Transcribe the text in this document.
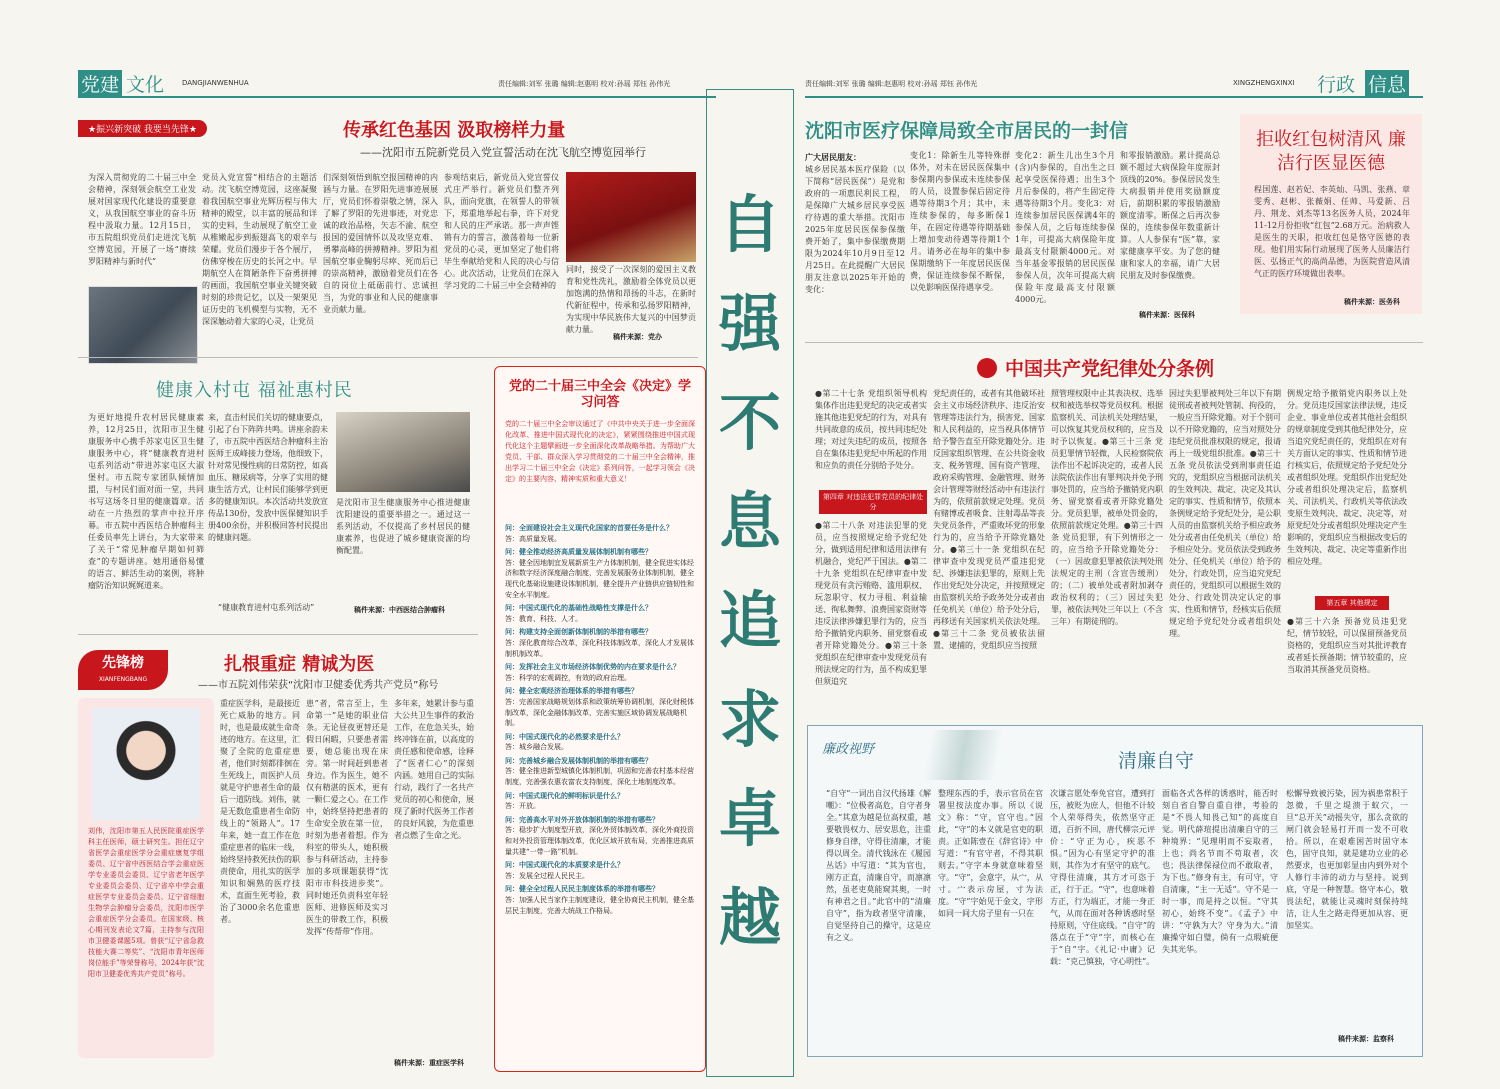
党建 文化	DANGJIANWENHUA	责任编辑:刘军 张璐 编辑:赵惠明 校对:孙瑶 郑钰 孙伟光	责任编辑:刘军 张璐 编辑:赵惠明 校对:孙瑶 郑钰 孙伟光	XINGZHENGXINXI 行政 信息
自
强
不
息
追
求
卓
越
★振兴新突破 我要当先锋★	传承红色基因 汲取榜样力量
——沈阳市五院新党员入党宣誓活动在沈飞航空博览园举行
为深入贯彻党的二十届三中全会精神，深刻领会航空工业发展对国家现代化建设的重要意义，从我国航空事业的奋斗历程中汲取力量。12月15日，市五院组织党员们走进沈飞航空博览园，开展了一场“赓续罗阳精神与新时代”
党员入党宣誓”相结合的主题活动。沈飞航空博览园，这座凝聚着我国航空事业光辉历程与伟大精神的殿堂，以丰富的展品和详实的史料，生动展现了航空工业从稚嫩起步到振翅高飞的艰辛与荣耀。党员们漫步于各个展厅，仿佛穿梭在历史的长河之中。早期航空人在简陋条件下奋勇拼搏的画面，我国航空事业关键突破时刻的珍贵记忆，以及一架架见证历史的飞机模型与实物，无不深深触动着大家的心灵，让党员
们深刻领悟到航空报国精神的内涵与力量。在罗阳先进事迹展展厅，党员们怀着崇敬之情，深入了解了罗阳的先进事迹，对党忠诚的政治品格，矢志不渝、航空报国的爱国情怀以及攻坚克难、勇攀高峰的拼搏精神。罗阳为祖国航空事业鞠躬尽瘁、死而后已的崇高精神，激励着党员们在各自的岗位上砥砺前行、忠诚担当，为党的事业和人民的健康事业贡献力量。
参观结束后，新党员入党宣誓仪式庄严举行。新党员们整齐列队，面向党旗，在领誓人的带领下，郑重地举起右拳，许下对党和人民的庄严承诺。那一声声铿锵有力的誓言，激荡着每一位新党员的心灵，更加坚定了他们将毕生奉献给党和人民的决心与信心。此次活动，让党员们在深入学习党的二十届三中全会精神的
同时，接受了一次深刻的爱国主义教育和党性洗礼，激励着全体党员以更加饱满的热情和昂扬的斗志，在新时代新征程中，传承和弘扬罗阳精神，为实现中华民族伟大复兴的中国梦贡献力量。
稿件来源：党办
健康入村屯 福祉惠村民
为更好地提升农村居民健康素养，12月25日，沈阳市卫生健康服务中心携手苏家屯区卫生健康服务中心，将“健康教育进村屯系列活动”带进苏家屯区大淑堡村。市五院专家团队倾情加盟，与村民们面对面一堂，共同书写这场冬日里的健康篇章。活动在一片热烈的掌声中拉开序幕。市五院中西医结合肿瘤科主任委员率先上讲台，为大家带来了关于“常见肿瘤早期如何筛查”的专题讲座。她用通俗易懂的语言、鲜活生动的案例，将肿瘤防治知识娓娓道来。
来，直击村民们关切的健康要点，引起了台下阵阵共鸣。讲座余韵未了，市五院中西医结合肿瘤科主治医师王成峰接力登场，他细致下，针对常见慢性病的日常防控，如高血压、糖尿病等，分享了实用的健康生活方式，让村民们能够学到更多的健康知识。本次活动共发放宣传品130份，发放中医保健知识手册400余份，并积极回答村民提出的健康问题。
是沈阳市卫生健康服务中心推进健康沈阳建设的重要举措之一。通过这一系列活动，不仅提高了乡村居民的健康素养，也促进了城乡健康资源的均衡配置。
“健康教育进村屯系列活动”	稿件来源：中西医结合肿瘤科
党的二十届三中全会《决定》学习问答
党的二十届三中全会审议通过了《中共中央关于进一步全面深化改革、推进中国式现代化的决定》，紧紧围绕推进中国式现代化这个主题擘画进一步全面深化改革战略举措。为帮助广大党员、干部、群众深入学习贯彻党的二十届三中全会精神，推出学习二十届三中全会《决定》系列问答，一起学习领会《决定》的主要内容、精神实质和重大意义！
问：全面建设社会主义现代化国家的首要任务是什么？
答：高质量发展。
问：健全推动经济高质量发展体制机制有哪些？
答：健全因地制宜发展新质生产力体制机制，健全促进实体经济和数字经济深度融合制度，完善发展服务业体制机制，健全现代化基础设施建设体制机制，健全提升产业链供应链韧性和安全水平制度。
问：中国式现代化的基础性战略性支撑是什么？
答：教育、科技、人才。
问：构建支持全面创新体制机制的举措有哪些？
答：深化教育综合改革，深化科技体制改革，深化人才发展体制机制改革。
问：发挥社会主义市场经济体制优势的内在要求是什么？
答：科学的宏观调控，有效的政府治理。
问：健全宏观经济治理体系的举措有哪些？
答：完善国家战略规划体系和政策统筹协调机制，深化财税体制改革，深化金融体制改革，完善实施区域协调发展战略机制。
问：中国式现代化的必然要求是什么？
答：城乡融合发展。
问：完善城乡融合发展体制机制的举措有哪些？
答：健全推进新型城镇化体制机制，巩固和完善农村基本经营制度，完善强农惠农富农支持制度，深化土地制度改革。
问：中国式现代化的鲜明标识是什么？
答：开放。
问：完善高水平对外开放体制机制的举措有哪些？
答：稳步扩大制度型开放，深化外贸体制改革，深化外商投资和对外投资管理体制改革，优化区域开放布局，完善推进高质量共建“一带一路”机制。
问：中国式现代化的本质要求是什么？
答：发展全过程人民民主。
问：健全全过程人民民主制度体系的举措有哪些？
答：加强人民当家作主制度建设，健全协商民主机制，健全基层民主制度，完善大统战工作格局。
先锋榜
XIANFENGBANG
扎根重症 精诚为医
——市五院刘伟荣获“沈阳市卫健委优秀共产党员”称号
刘伟，沈阳市第五人民医院重症医学科主任医师，硕士研究生。担任辽宁省医学会重症医学分会重症康复学组委员、辽宁省中西医结合学会重症医学专业委员会委员、辽宁省老年医学专业委员会委员、辽宁省卒中学会重症医学专业委员会委员、辽宁省细胞生物学会肿瘤分会委员，沈阳市医学会重症医学分会委员。在国家级、核心期刊发表论文7篇，主持参与沈阳市卫健委课题5项。曾获“辽宁省急救技能大赛二等奖”、“沈阳市青年医师岗位能手”等荣誉称号，2024年获“沈阳市卫健委优秀共产党员”称号。
重症医学科，是最接近死亡威胁的地方。同时，也是最成就生命奇迹的地方。在这里，汇聚了全院的危重症患者，他们时刻都徘徊在生死线上，而医护人员就是守护患者生命的最后一道防线。刘伟，就是无数危重患者生命防线上的“领路人”。17年来，她一直工作在危重症患者的临床一线，始终坚持救死扶伤的职责使命，用扎实的医学知识和娴熟的医疗技术，直面生死考验，救治了3000余名危重患者。
患”者，常言至上，生命第一”是她的职业信条。无论昼夜更替还是假日闲暇，只要患者需要，她总能出现在床旁。第一时间赶到患者身边。作为医生，她不仅有精湛的医术，更有一颗仁爱之心。在工作中，始终坚持把患者的生命安全放在第一位，时刻为患者着想。作为科室的带头人，她积极参与科研活动，主持参加的多项课题获得“沈阳市市科技进步奖”。同时她还负责科室年轻医师、进修医师及实习医生的带教工作，积极发挥“传帮带”作用。
多年来，她累计参与重大公共卫生事件的救治工作，在危急关头，始终冲锋在前，以高度的责任感和使命感，诠释了“医者仁心”的深刻内涵。她用自己的实际行动，践行了一名共产党员的初心和使命，展现了新时代医务工作者的良好风貌，为危重患者点燃了生命之光。
稿件来源：重症医学科
沈阳市医疗保障局致全市居民的一封信
广大居民朋友：
城乡居民基本医疗保险（以下简称“居民医保”）是党和政府的一项惠民利民工程，是保障广大城乡居民享受医疗待遇的重大举措。沈阳市2025年度居民医保参保缴费开始了，集中参保缴费期限为2024年10月9日至12月25日。在此提醒广大居民朋友注意以2025年开始的变化：
变化1：除新生儿等特殊群体外，对未在居民医保集中参保期内参保或未连续参保的人员，设置参保后固定待遇等待期3个月；其中，未连续参保的，每多断保1年，在固定待遇等待期基础上增加变动待遇等待期1个月。请务必在每年的集中参保期缴纳下一年度居民医保费，保证连续参保不断保，以免影响医保待遇享受。
变化2：新生儿出生3个月(含)内参保的，自出生之日起享受医保待遇；出生3个月后参保的，将产生固定待遇等待期3个月。变化3：对连续参加居民医保满4年的参保人员，之后每连续参保1年，可提高大病保险年度最高支付限额4000元。对当年基金零报销的居民医保参保人员，次年可提高大病保险年度最高支付限额4000元。
和零报销激励。累计提高总额不超过大病保险年度原封顶线的20%。参保居民发生大病报销并使用奖励额度后，前期积累的零报销激励额度清零。断保之后再次参保的，连续参保年数重新计算。人人参保有“医”靠，家家健康享平安。为了您的健康和家人的幸福，请广大居民朋友及时参保缴费。
稿件来源：医保科
拒收红包树清风 廉洁行医显医德
程国莲、赵若妃、李英灿、马凯、张燕、章雯秀、赵彬、张薇娟、任帅、马爱新、吕丹、荆龙、刘杰等13名医务人员，2024年11-12月份拒收“红包”2.68万元。治病救人是医生的天职，拒收红包是恪守医德的表现。他们用实际行动展现了医务人员廉洁行医、弘扬正气的高尚品德，为医院营造风清气正的医疗环境做出表率。
稿件来源：医务科
中国共产党纪律处分条例
●第二十七条 党组织领导机构集体作出违犯党纪的决定或者实施其他违犯党纪的行为，对具有共同故意的成员，按共同违纪处理；对过失违纪的成员，按照各自在集体违犯党纪中所起的作用和应负的责任分别给予处分。
第四章 对违法犯罪党员的纪律处分
●第二十八条 对违法犯罪的党员，应当按照规定给予党纪处分，做到适用纪律和适用法律有机融合，党纪严于国法。●第二十九条 党组织在纪律审查中发现党员有贪污贿赂、滥用职权、玩忽职守、权力寻租、利益输送、徇私舞弊、浪费国家资财等违反法律涉嫌犯罪行为的，应当给予撤销党内职务、留党察看或者开除党籍处分。●第三十条 党组织在纪律审查中发现党员有刑法规定的行为，虽不构成犯罪但须追究
党纪责任的，或者有其他破坏社会主义市场经济秩序、违反治安管理等违法行为，损害党、国家和人民利益的，应当视具体情节给予警告直至开除党籍处分。违反国家组织管理、在公共资金收支、税务管理、国有资产管理、政府采购管理、金融管理、财务会计管理等财经活动中有违法行为的，依照前款规定处理。党员有赌博或者吸食、注射毒品等丧失党员条件，严重败坏党的形象行为的，应当给予开除党籍处分。●第三十一条 党组织在纪律审查中发现党员严重违犯党纪、涉嫌违法犯罪的，原则上先作出党纪处分决定，并按照规定由监察机关给予政务处分或者由任免机关（单位）给予处分后，再移送有关国家机关依法处理。●第三十二条 党员被依法留置、逮捕的，党组织应当按照
照管理权限中止其表决权、选举权和被选举权等党员权利。根据监察机关、司法机关处理结果，可以恢复其党员权利的，应当及时予以恢复。●第三十三条 党员犯罪情节轻微，人民检察院依法作出不起诉决定的，或者人民法院依法作出有罪判决并免予刑事处罚的，应当给予撤销党内职务、留党察看或者开除党籍处分。党员犯罪，被单处罚金的，依照前款规定处理。●第三十四条 党员犯罪，有下列情形之一的，应当给予开除党籍处分：（一）因故意犯罪被依法判处刑法规定的主刑（含宣告缓刑）的；（二）被单处或者附加剥夺政治权利的；（三）因过失犯罪，被依法判处三年以上（不含三年）有期徒刑的。
因过失犯罪被判处三年以下有期徒刑或者被判处管制、拘役的，一般应当开除党籍。对于个别可以不开除党籍的，应当对照处分违纪党员批准权限的规定，报请再上一级党组织批准。●第三十五条 党员依法受到刑事责任追究的，党组织应当根据司法机关的生效判决、裁定、决定及其认定的事实、性质和情节，依照本条例规定给予党纪处分，是公职人员的由监察机关给予相应政务处分或者由任免机关（单位）给予相应处分。党员依法受到政务处分、任免机关（单位）给予的处分，行政处罚，应当追究党纪责任的，党组织可以根据生效的处分、行政处罚决定认定的事实、性质和情节，经核实后依照规定给予党纪处分或者组织处理。
例规定给予撤销党内职务以上处分。党员违反国家法律法规，违反企业、事业单位或者其他社会组织的规章制度受到其他纪律处分，应当追究党纪责任的，党组织在对有关方面认定的事实、性质和情节进行核实后，依照规定给予党纪处分或者组织处理。党组织作出党纪处分或者组织处理决定后，监察机关、司法机关、行政机关等依法改变原生效判决、裁定、决定等，对原党纪处分或者组织处理决定产生影响的，党组织应当根据改变后的生效判决、裁定、决定等重新作出相应处理。
第五章 其他规定
●第三十六条 预备党员违犯党纪，情节较轻，可以保留预备党员资格的，党组织应当对其批评教育或者延长预备期；情节较重的，应当取消其预备党员资格。
廉政视野
清廉自守
“自守”一词出自汉代扬雄《解嘲》：“位极者高危，自守者身全。”其意为越是位高权重，越要敬畏权力、居安思危，注重修身自律，守得住清廉，才能得以周全。清代钱泳在《履园丛话》中写道：“其为官也，刚方正直，清廉自守，而凛凛然，虽老吏莫能窥其奥，一时有神君之目。”此官中的“清廉自守”，指为政者坚守清廉，自觉坚持自己的操守，这是应有之义。
整理东西的手，表示官员在官署里按法度办事。所以《说文》称：“守，官守也。”因此，“守”的本义就是官吏的职责。正如陈壹在《辞官诗》中写道：“有官守者，不得其职则去。”守字本身就意味着坚守。“守”，会意字，从宀，从寸。宀表示房屋，寸为法度。“守”字始见于金文，字形如同一间大房子里有一只在
次谦言愿处奉免官官，遭到打压，被贬为庶人，但他不计较个人荣辱得失，依然坚守正道，百折不回，唐代柳宗元评价：“守正为心，疾恶不惧。”因为心有坚定守护的准则，其作为才有坚守的底气。守得住清廉，其方才可恣于正，行于正。“守”，也意味着方正，行为端正，才能一身正气，从而在面对各种诱惑时坚持原则，守住底线。“自守”的落点在于“守”字，而核心在于“自”字。《礼记·中庸》记载：“克己慎独，守心明性”。
面临各式各样的诱惑时，能否时刻自省自警自重自律，考验的是“不畏人知畏己知”的高度自觉。明代薛瑄提出清廉自守的三种境界：“见理明而不妄取者，上也；尚名节而不苟取者，次也；畏法律保禄位而不敢取者，为下也。”修身有主，有可守，守自清廉，“主一无适”。守不是一时一事，而是持之以恒。“守其初心，始终不变”。《孟子》中讲：“守孰为大？守身为大。”清廉操守如白璧，倘有一点瑕疵便失其光华。
松懈导致被污染，因为祸患常积于忽微，千里之堤溃于蚁穴，一旦“总开关”动摇失守，那么贪欲的闸门就会轻易打开而一发不可收拾。所以，在艰难困苦时固守本色，固守良知，就是建功立业的必然要求，也更加彰显由内到外对个人修行丰沛的动力与坚持。说到底，守是一种智慧。恪守本心，敬畏法纪，就能让灵魂时刻保持纯洁，让人生之路走得更加从容、更加坚实。
稿件来源：监察科
